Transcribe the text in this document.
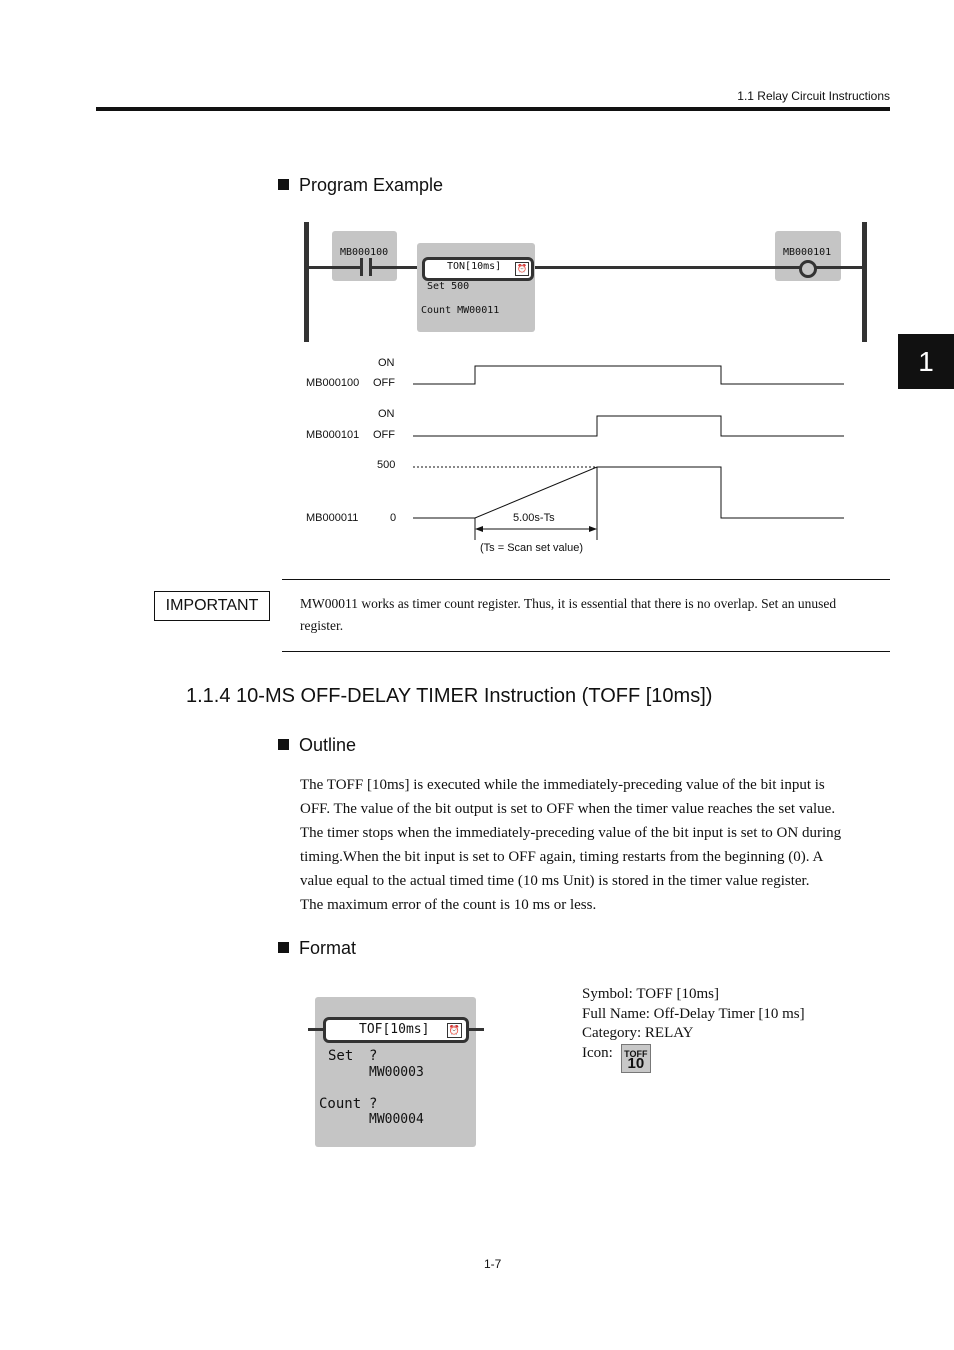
1.1 Relay Circuit Instructions
1
Program Example
MB000100
TON[10ms] ⏰
Set 500
Count MW00011
MB000101
ON
MB000100 OFF
ON
MB000101 OFF
500
MB000011	0	5.00s-Ts
(Ts = Scan set value)
IMPORTANT	MW00011 works as timer count register. Thus, it is essential that there is no overlap. Set an unused
register.
1.1.4 10-MS OFF-DELAY TIMER Instruction (TOFF [10ms])
Outline
The TOFF [10ms] is executed while the immediately-preceding value of the bit input is
OFF. The value of the bit output is set to OFF when the timer value reaches the set value.
The timer stops when the immediately-preceding value of the bit input is set to ON during
timing.When the bit input is set to OFF again, timing restarts from the beginning (0). A
value equal to the actual timed time (10 ms Unit) is stored in the timer value register.
The maximum error of the count is 10 ms or less.
Format
TOF[10ms] ⏰
Set ?
MW00003
Count ?
MW00004
Symbol: TOFF [10ms]
Full Name: Off-Delay Timer [10 ms]
Category: RELAY
Icon: TOFF
10
1-7
